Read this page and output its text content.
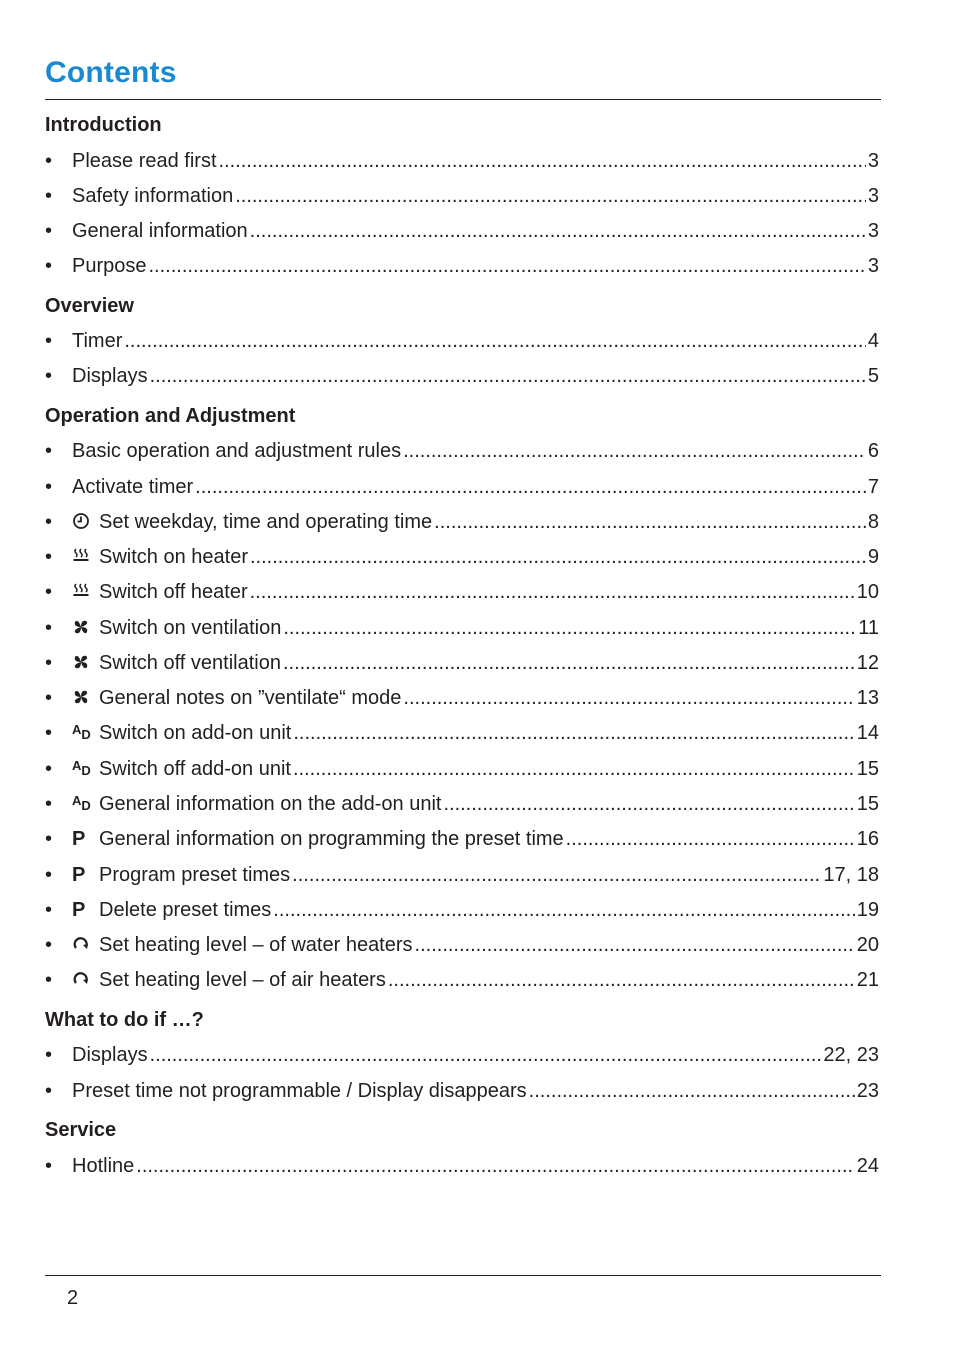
Contents
Introduction
• Please read first .....	3
• Safety information .....	3
• General information .....	3
• Purpose .....	3
Overview
• Timer .....	4
• Displays .....	5
Operation and Adjustment
• Basic operation and adjustment rules .....	6
• Activate timer .....	7
•	Set weekday, time and operating time .....	8
•	Switch on heater .....	9
•	Switch off heater .....	10
•	Switch on ventilation .....	11
•	Switch off ventilation .....	12
•	General notes on ”ventilate“ mode .....	13
•	$^A$D Switch on add-on unit .....	14
•	$^A$D Switch off add-on unit .....	15
•	$^A$D General information on the add-on unit .....	15
• P General information on programming the preset time .....	16
• P Program preset times .....	17, 18
• P Delete preset times .....	19
•	Set heating level – of water heaters .....	20
•	Set heating level – of air heaters .....	21
What to do if …?
• Displays .....	22, 23
• Preset time not programmable / Display disappears .....	23
Service
• Hotline .....	24
2
